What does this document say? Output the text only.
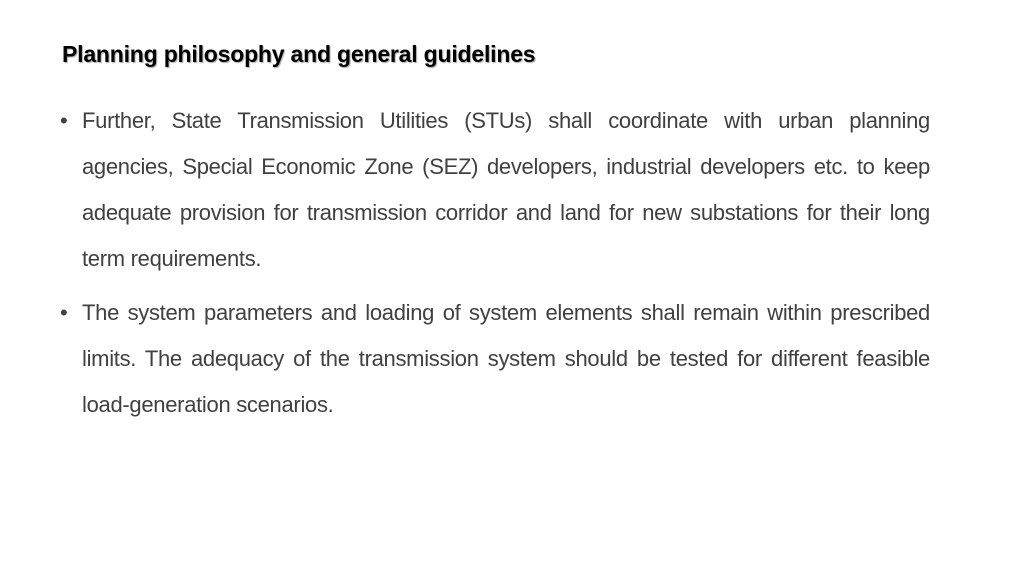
Planning philosophy and general guidelines
• Further, State Transmission Utilities (STUs) shall coordinate with urban planning agencies, Special Economic Zone (SEZ) developers, industrial developers etc. to keep adequate provision for transmission corridor and land for new substations for their long term requirements.
• The system parameters and loading of system elements shall remain within prescribed limits. The adequacy of the transmission system should be tested for different feasible load-generation scenarios.
